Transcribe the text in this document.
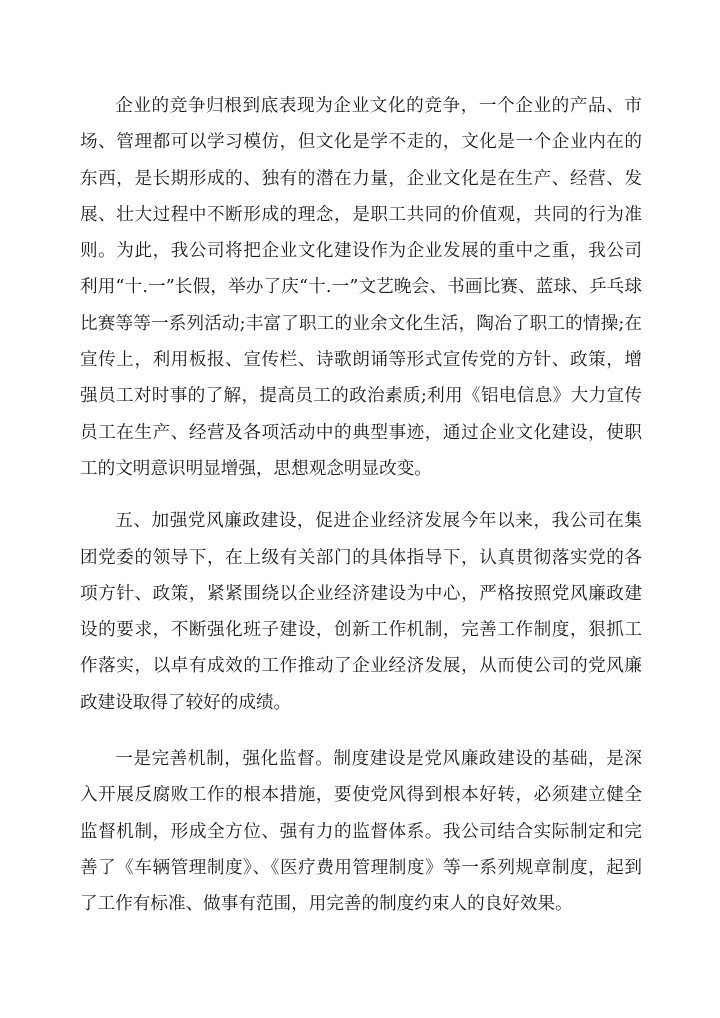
企业的竞争归根到底表现为企业文化的竞争，一个企业的产品、市场、管理都可以学习模仿，但文化是学不走的，文化是一个企业内在的东西，是长期形成的、独有的潜在力量，企业文化是在生产、经营、发展、壮大过程中不断形成的理念，是职工共同的价值观，共同的行为准则。为此，我公司将把企业文化建设作为企业发展的重中之重，我公司利用“十.一”长假，举办了庆“十.一”文艺晚会、书画比赛、蓝球、乒乓球比赛等等一系列活动;丰富了职工的业余文化生活，陶冶了职工的情操;在宣传上，利用板报、宣传栏、诗歌朗诵等形式宣传党的方针、政策，增强员工对时事的了解，提高员工的政治素质;利用《铝电信息》大力宣传员工在生产、经营及各项活动中的典型事迹，通过企业文化建设，使职工的文明意识明显增强，思想观念明显改变。

五、加强党风廉政建设，促进企业经济发展今年以来，我公司在集团党委的领导下，在上级有关部门的具体指导下，认真贯彻落实党的各项方针、政策，紧紧围绕以企业经济建设为中心，严格按照党风廉政建设的要求，不断强化班子建设，创新工作机制，完善工作制度，狠抓工作落实，以卓有成效的工作推动了企业经济发展，从而使公司的党风廉政建设取得了较好的成绩。

一是完善机制，强化监督。制度建设是党风廉政建设的基础，是深入开展反腐败工作的根本措施，要使党风得到根本好转，必须建立健全监督机制，形成全方位、强有力的监督体系。我公司结合实际制定和完善了《车辆管理制度》、《医疗费用管理制度》等一系列规章制度，起到了工作有标准、做事有范围，用完善的制度约束人的良好效果。
